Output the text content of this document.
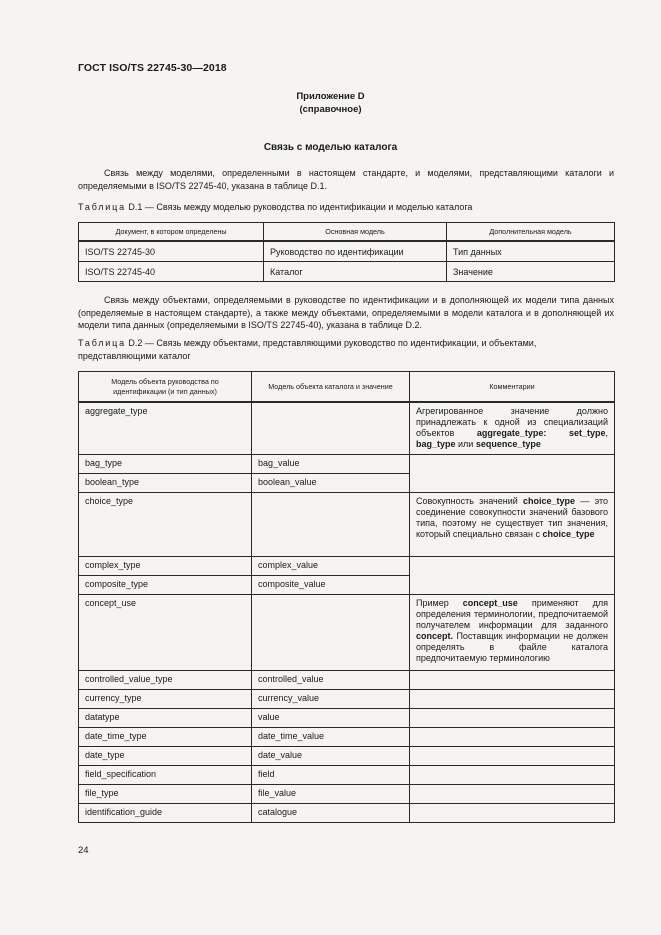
ГОСТ ISO/TS 22745-30—2018
Приложение D
(справочное)
Связь с моделью каталога
Связь между моделями, определенными в настоящем стандарте, и моделями, представляющими каталоги и определяемыми в ISO/TS 22745-40, указана в таблице D.1.
Таблица D.1 — Связь между моделью руководства по идентификации и моделью каталога
Документ, в котором определены	Основная модель	Дополнительная модель
ISO/TS 22745-30	Руководство по идентификации	Тип данных
ISO/TS 22745-40	Каталог	Значение
Связь между объектами, определяемыми в руководстве по идентификации и в дополняющей их модели типа данных (определяемые в настоящем стандарте), а также между объектами, определяемыми в модели каталога и в дополняющей их модели типа данных (определяемыми в ISO/TS 22745-40), указана в таблице D.2.
Таблица D.2 — Связь между объектами, представляющими руководство по идентификации, и объектами, представляющими каталог
Модель объекта руководства по идентификации (и тип данных)	Модель объекта каталога и значение	Комментарии
aggregate_type		Агрегированное значение должно принадлежать к одной из специализаций объектов aggregate_type: set_type, bag_type или sequence_type
bag_type	bag_value	
boolean_type	boolean_value	
choice_type		Совокупность значений choice_type — это соединение совокупности значений базового типа, поэтому не существует тип значения, который специально связан с choice_type
complex_type	complex_value	
composite_type	composite_value	
concept_use		Пример concept_use применяют для определения терминологии, предпочитаемой получателем информации для заданного concept. Поставщик информации не должен определять в файле каталога предпочитаемую терминологию
controlled_value_type	controlled_value	
currency_type	currency_value	
datatype	value	
date_time_type	date_time_value	
date_type	date_value	
field_specification	field	
file_type	file_value	
identification_guide	catalogue	
24
